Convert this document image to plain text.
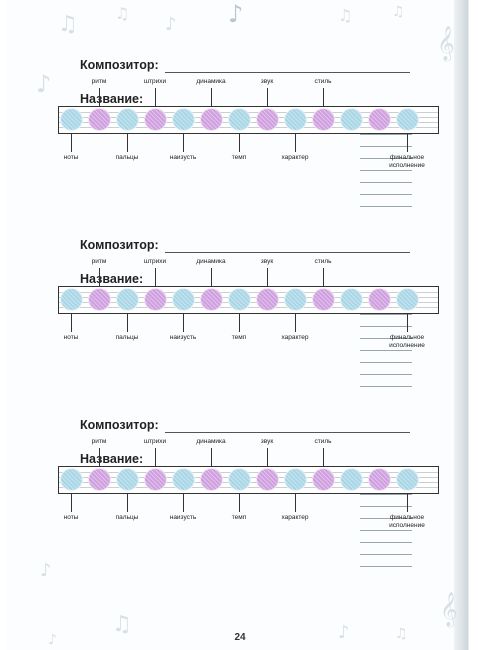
♫ ♫
♪ ♪	♫	♫
♪
𝄞
♪
♪
♫	♪	♫
𝄞
Композитор:
Название:
ритм	штрихи	динамика	звук	стиль
ноты	пальцы	наизусть	темп	характер	финальное исполнение
Композитор:
Название:
ритм	штрихи	динамика	звук	стиль
ноты	пальцы	наизусть	темп	характер	финальное исполнение
Композитор:
Название:
ритм	штрихи	динамика	звук	стиль
ноты	пальцы	наизусть	темп	характер	финальное исполнение
24
